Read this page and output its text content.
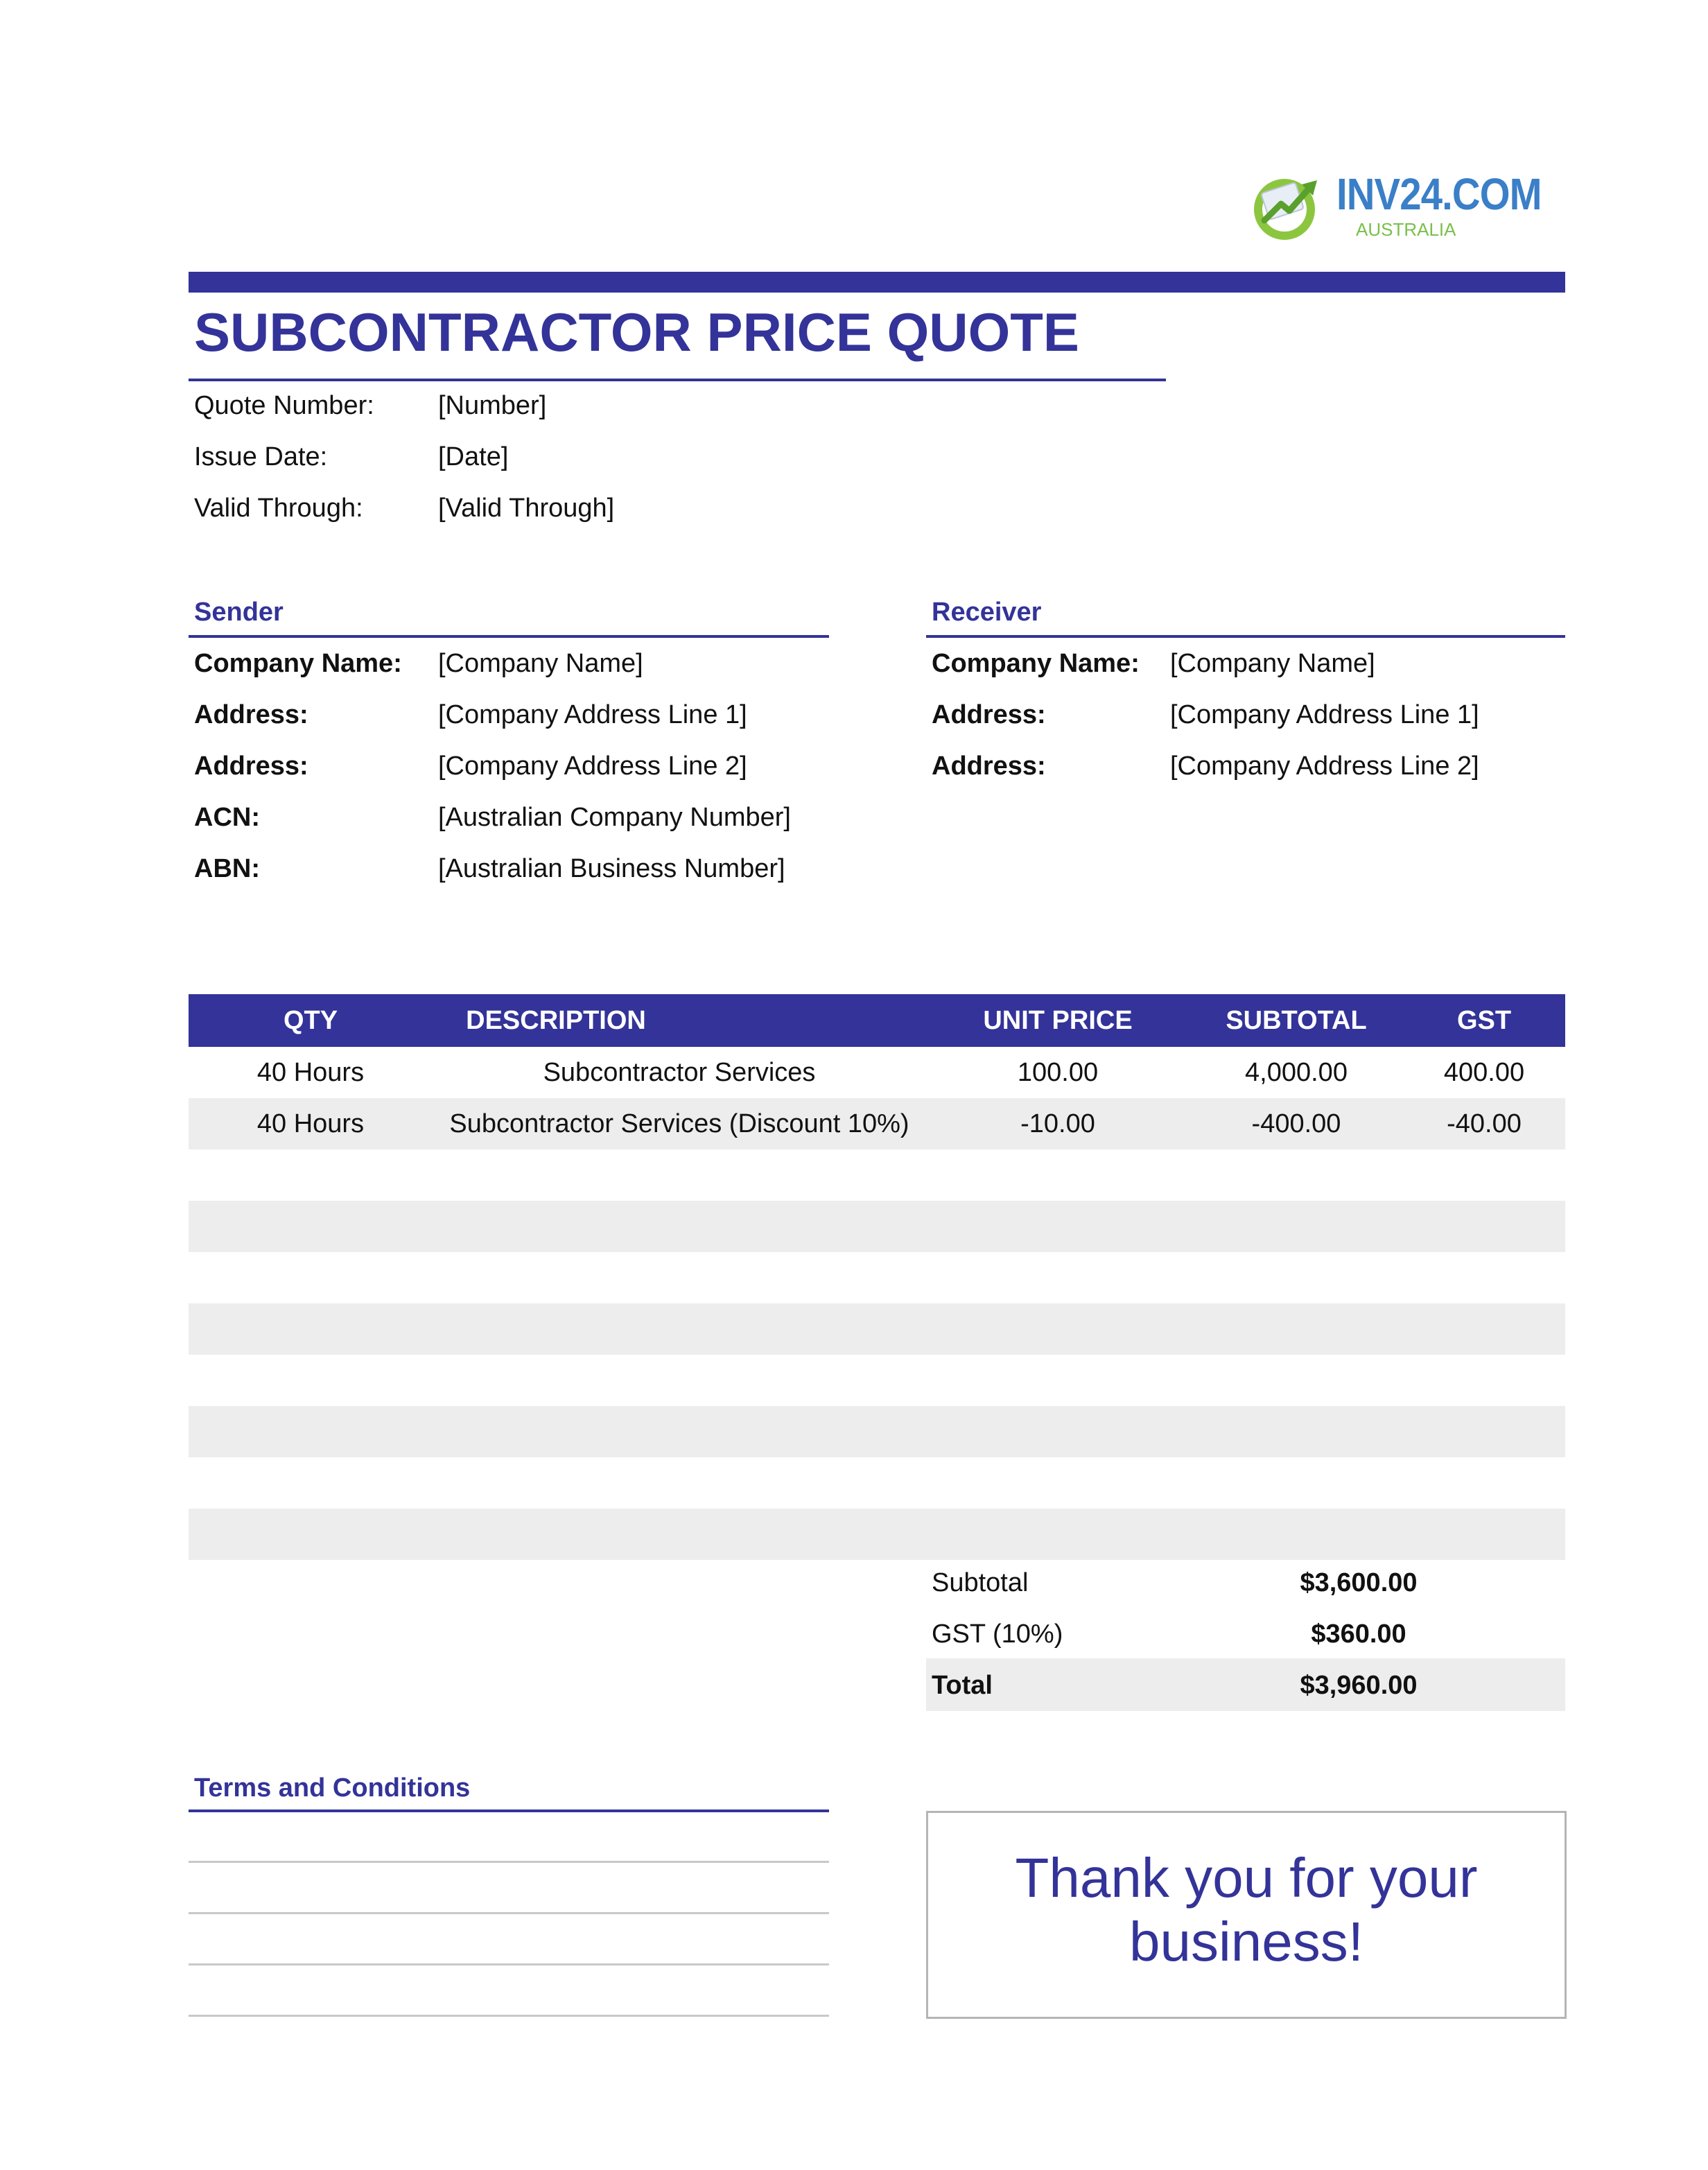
INV24.COM
AUSTRALIA
SUBCONTRACTOR PRICE QUOTE
Quote Number: [Number]
Issue Date:	[Date]
Valid Through:	[Valid Through]
Sender
Company Name: [Company Name]
Address:	[Company Address Line 1]
Address:	[Company Address Line 2]
ACN:	[Australian Company Number]
ABN:	[Australian Business Number]
Receiver
Company Name: [Company Name]
Address:	[Company Address Line 1]
Address:	[Company Address Line 2]
QTY	DESCRIPTION	UNIT PRICE	SUBTOTAL	GST
40 Hours	Subcontractor Services	100.00	4,000.00	400.00
40 Hours	Subcontractor Services (Discount 10%)	-10.00	-400.00	-40.00
Subtotal	$3,600.00
GST (10%)	$360.00
Total	$3,960.00
Terms and Conditions
Thank you for your business!
